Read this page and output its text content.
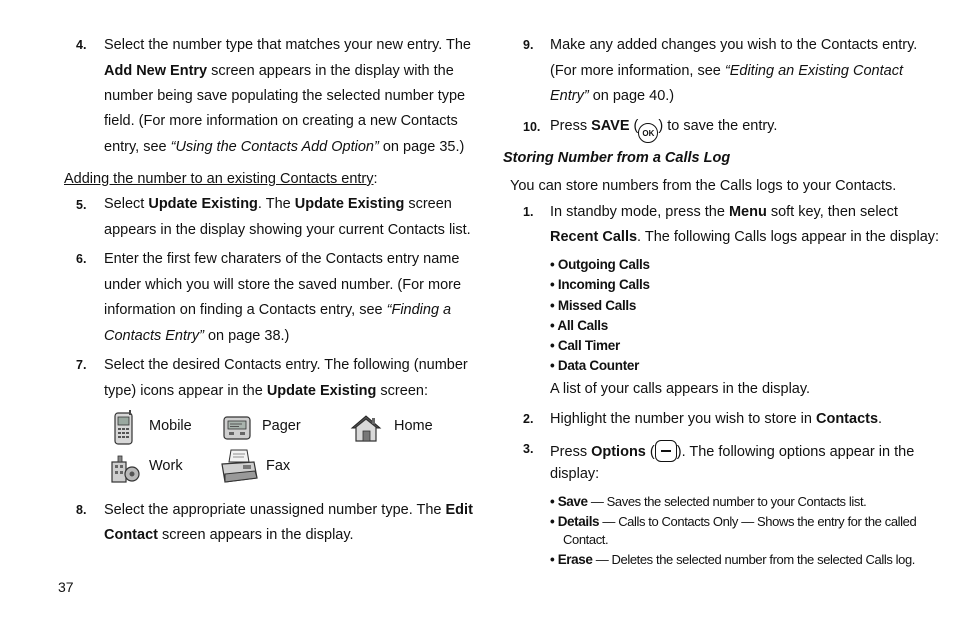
4. Select the number type that matches your new entry. The
Add New Entry screen appears in the display with the
number being save populating the selected number type
field. (For more information on creating a new Contacts
entry, see “Using the Contacts Add Option” on page 35.)
Adding the number to an existing Contacts entry:
5. Select Update Existing. The Update Existing screen
appears in the display showing your current Contacts list.
6. Enter the first few charaters of the Contacts entry name
under which you will store the saved number. (For more
information on finding a Contacts entry, see “Finding a
Contacts Entry” on page 38.)
7. Select the desired Contacts entry. The following (number
type) icons appear in the Update Existing screen:
Mobile	Pager	Home
Work	Fax
8. Select the appropriate unassigned number type. The Edit
Contact screen appears in the display.
9. Make any added changes you wish to the Contacts entry.
(For more information, see “Editing an Existing Contact
Entry” on page 40.)
10. Press SAVE ( OK ) to save the entry.
Storing Number from a Calls Log
You can store numbers from the Calls logs to your Contacts.
1. In standby mode, press the Menu soft key, then select
Recent Calls. The following Calls logs appear in the display:
• Outgoing Calls
• Incoming Calls
• Missed Calls
• All Calls
• Call Timer
• Data Counter
A list of your calls appears in the display.
2. Highlight the number you wish to store in Contacts.
3. Press Options ( ). The following options appear in the
display:
• Save — Saves the selected number to your Contacts list.
• Details — Calls to Contacts Only — Shows the entry for the called
Contact.
• Erase — Deletes the selected number from the selected Calls log.
37
